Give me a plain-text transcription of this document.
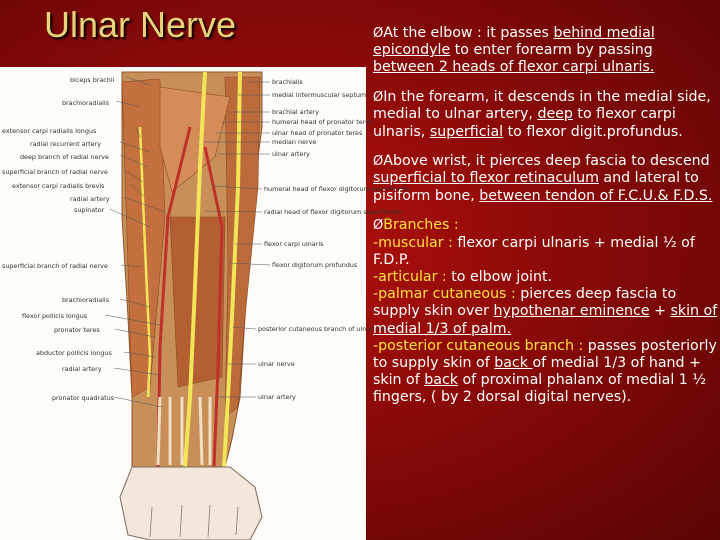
Ulnar Nerve
biceps brachii
brachioradialis
extensor carpi radialis longus
radial recurrent artery
deep branch of radial nerve
superficial branch of radial nerve
extensor carpi radialis brevis
radial artery
supinator
superficial branch of radial nerve
brachioradialis
flexor pollicis longus
pronator teres
abductor pollicis longus
radial artery
pronator quadratus
brachialis
medial intermuscular septum
brachial artery
humeral head of pronator teres
ulnar head of pronator teres
median nerve
ulnar artery
humeral head of flexor digitorum superficialis
radial head of flexor digitorum superficialis
flexor carpi ulnaris
flexor digitorum profundus
posterior cutaneous branch of ulnar nerve
ulnar nerve
ulnar artery
ØAt the elbow : it passes behind medial epicondyle to enter forearm by passing between 2 heads of flexor carpi ulnaris.
ØIn the forearm, it descends in the medial side, medial to ulnar artery, deep to flexor carpi ulnaris, superficial to flexor digit.profundus.
ØAbove wrist, it pierces deep fascia to descend superficial to flexor retinaculum and lateral to pisiform bone, between tendon of F.C.U.& F.D.S.
ØBranches :
-muscular : flexor carpi ulnaris + medial ½ of F.D.P.
-articular : to elbow joint.
-palmar cutaneous : pierces deep fascia to supply skin over hypothenar eminence + skin of medial 1/3 of palm.
-posterior cutaneous branch : passes posteriorly to supply skin of back of medial 1/3 of hand + skin of back of proximal phalanx of medial 1 ½ fingers, ( by 2 dorsal digital nerves).
